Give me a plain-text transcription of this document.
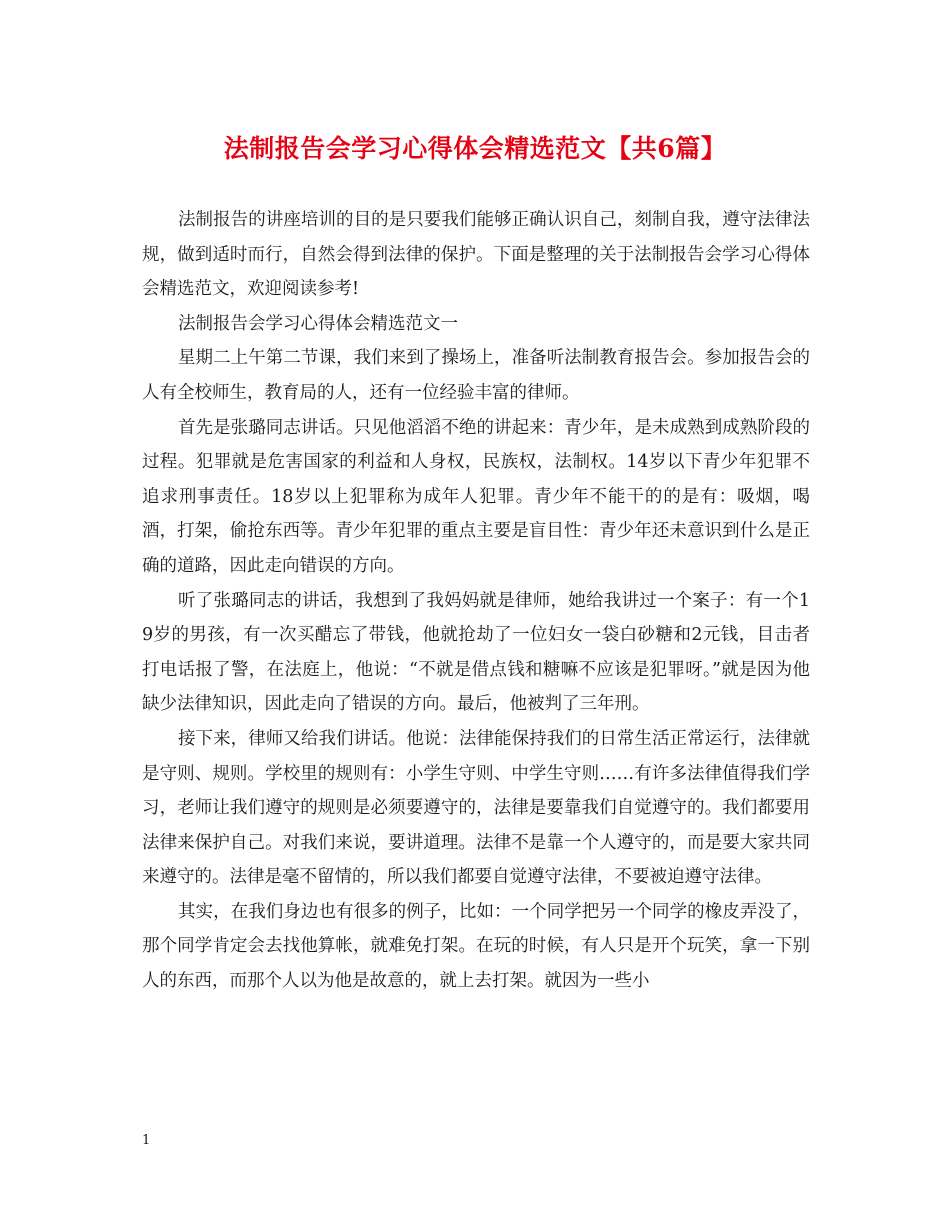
法制报告会学习心得体会精选范文【共6篇】

法制报告的讲座培训的目的是只要我们能够正确认识自己，刻制自我，遵守法律法规，做到适时而行，自然会得到法律的保护。下面是整理的关于法制报告会学习心得体会精选范文，欢迎阅读参考!

法制报告会学习心得体会精选范文一

星期二上午第二节课，我们来到了操场上，准备听法制教育报告会。参加报告会的人有全校师生，教育局的人，还有一位经验丰富的律师。

首先是张璐同志讲话。只见他滔滔不绝的讲起来：青少年，是未成熟到成熟阶段的过程。犯罪就是危害国家的利益和人身权，民族权，法制权。14岁以下青少年犯罪不追求刑事责任。18岁以上犯罪称为成年人犯罪。青少年不能干的的是有：吸烟，喝酒，打架，偷抢东西等。青少年犯罪的重点主要是盲目性：青少年还未意识到什么是正确的道路，因此走向错误的方向。

听了张璐同志的讲话，我想到了我妈妈就是律师，她给我讲过一个案子：有一个19岁的男孩，有一次买醋忘了带钱，他就抢劫了一位妇女一袋白砂糖和2元钱，目击者打电话报了警，在法庭上，他说：“不就是借点钱和糖嘛不应该是犯罪呀。”就是因为他缺少法律知识，因此走向了错误的方向。最后，他被判了三年刑。

接下来，律师又给我们讲话。他说：法律能保持我们的日常生活正常运行，法律就是守则、规则。学校里的规则有：小学生守则、中学生守则……有许多法律值得我们学习，老师让我们遵守的规则是必须要遵守的，法律是要靠我们自觉遵守的。我们都要用法律来保护自己。对我们来说，要讲道理。法律不是靠一个人遵守的，而是要大家共同来遵守的。法律是毫不留情的，所以我们都要自觉遵守法律，不要被迫遵守法律。

其实，在我们身边也有很多的例子，比如：一个同学把另一个同学的橡皮弄没了，那个同学肯定会去找他算帐，就难免打架。在玩的时候，有人只是开个玩笑，拿一下别人的东西，而那个人以为他是故意的，就上去打架。就因为一些小

1
